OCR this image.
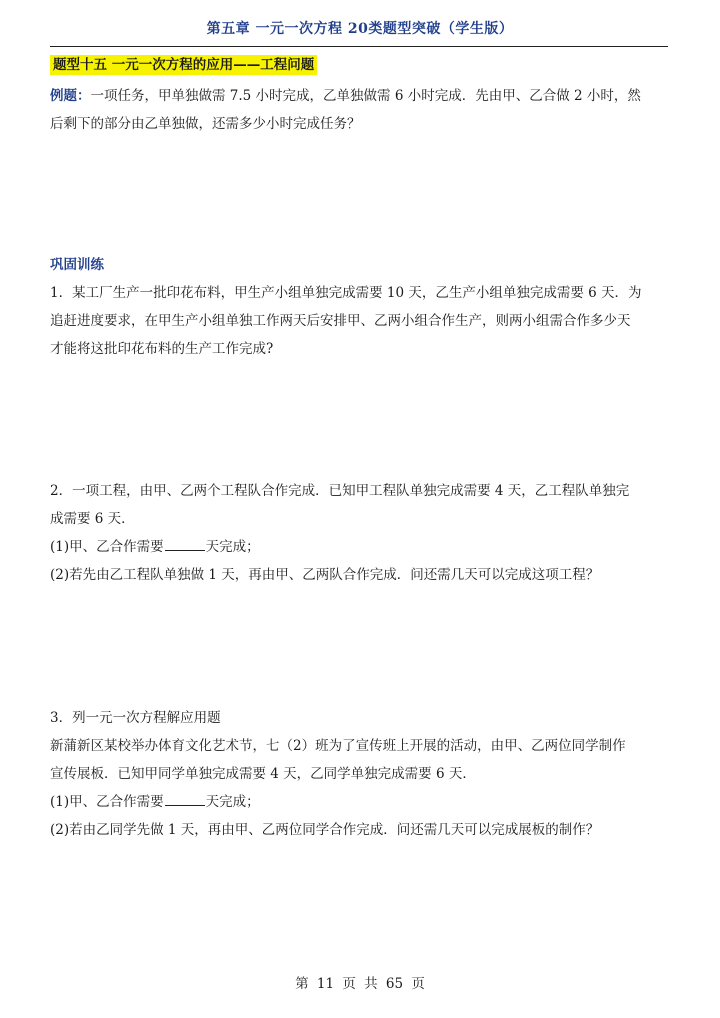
第五章 一元一次方程 20类题型突破（学生版）
题型十五 一元一次方程的应用——工程问题

例题：一项任务，甲单独做需 7.5 小时完成，乙单独做需 6 小时完成．先由甲、乙合做 2 小时，然

后剩下的部分由乙单独做，还需多少小时完成任务？

巩固训练

1．某工厂生产一批印花布料，甲生产小组单独完成需要 10 天，乙生产小组单独完成需要 6 天．为

追赶进度要求，在甲生产小组单独工作两天后安排甲、乙两小组合作生产，则两小组需合作多少天

才能将这批印花布料的生产工作完成?

2．一项工程，由甲、乙两个工程队合作完成．已知甲工程队单独完成需要 4 天，乙工程队单独完

成需要 6 天．

(1)甲、乙合作需要	天完成；

(2)若先由乙工程队单独做 1 天，再由甲、乙两队合作完成．问还需几天可以完成这项工程？

3．列一元一次方程解应用题

新蒲新区某校举办体育文化艺术节，七（2）班为了宣传班上开展的活动，由甲、乙两位同学制作

宣传展板．已知甲同学单独完成需要 4 天，乙同学单独完成需要 6 天．

(1)甲、乙合作需要	天完成；

(2)若由乙同学先做 1 天，再由甲、乙两位同学合作完成．问还需几天可以完成展板的制作？

第 11 页 共 65 页
